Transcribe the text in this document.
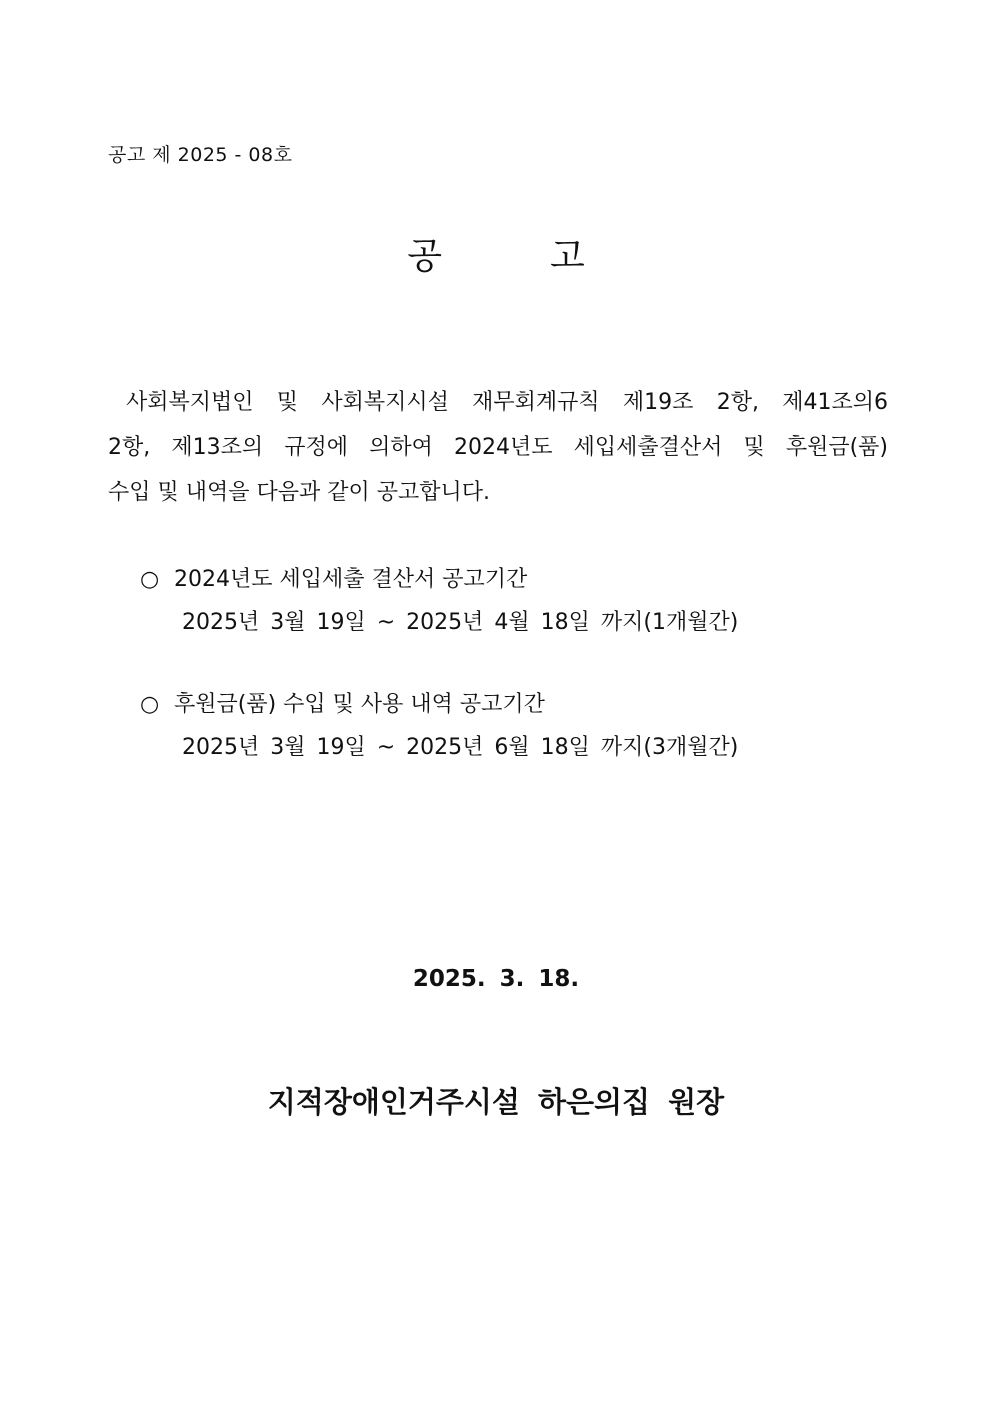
공고 제 2025 - 08호
공	고
사회복지법인 및 사회복지시설 재무회계규칙 제19조 2항, 제41조의6
2항, 제13조의 규정에 의하여 2024년도 세입세출결산서 및 후원금(품)
수입 및 내역을 다음과 같이 공고합니다.
○ 2024년도 세입세출 결산서 공고기간
2025년 3월 19일 ~ 2025년 4월 18일 까지(1개월간)
○ 후원금(품) 수입 및 사용 내역 공고기간
2025년 3월 19일 ~ 2025년 6월 18일 까지(3개월간)
2025. 3. 18.
지적장애인거주시설 하은의집 원장
